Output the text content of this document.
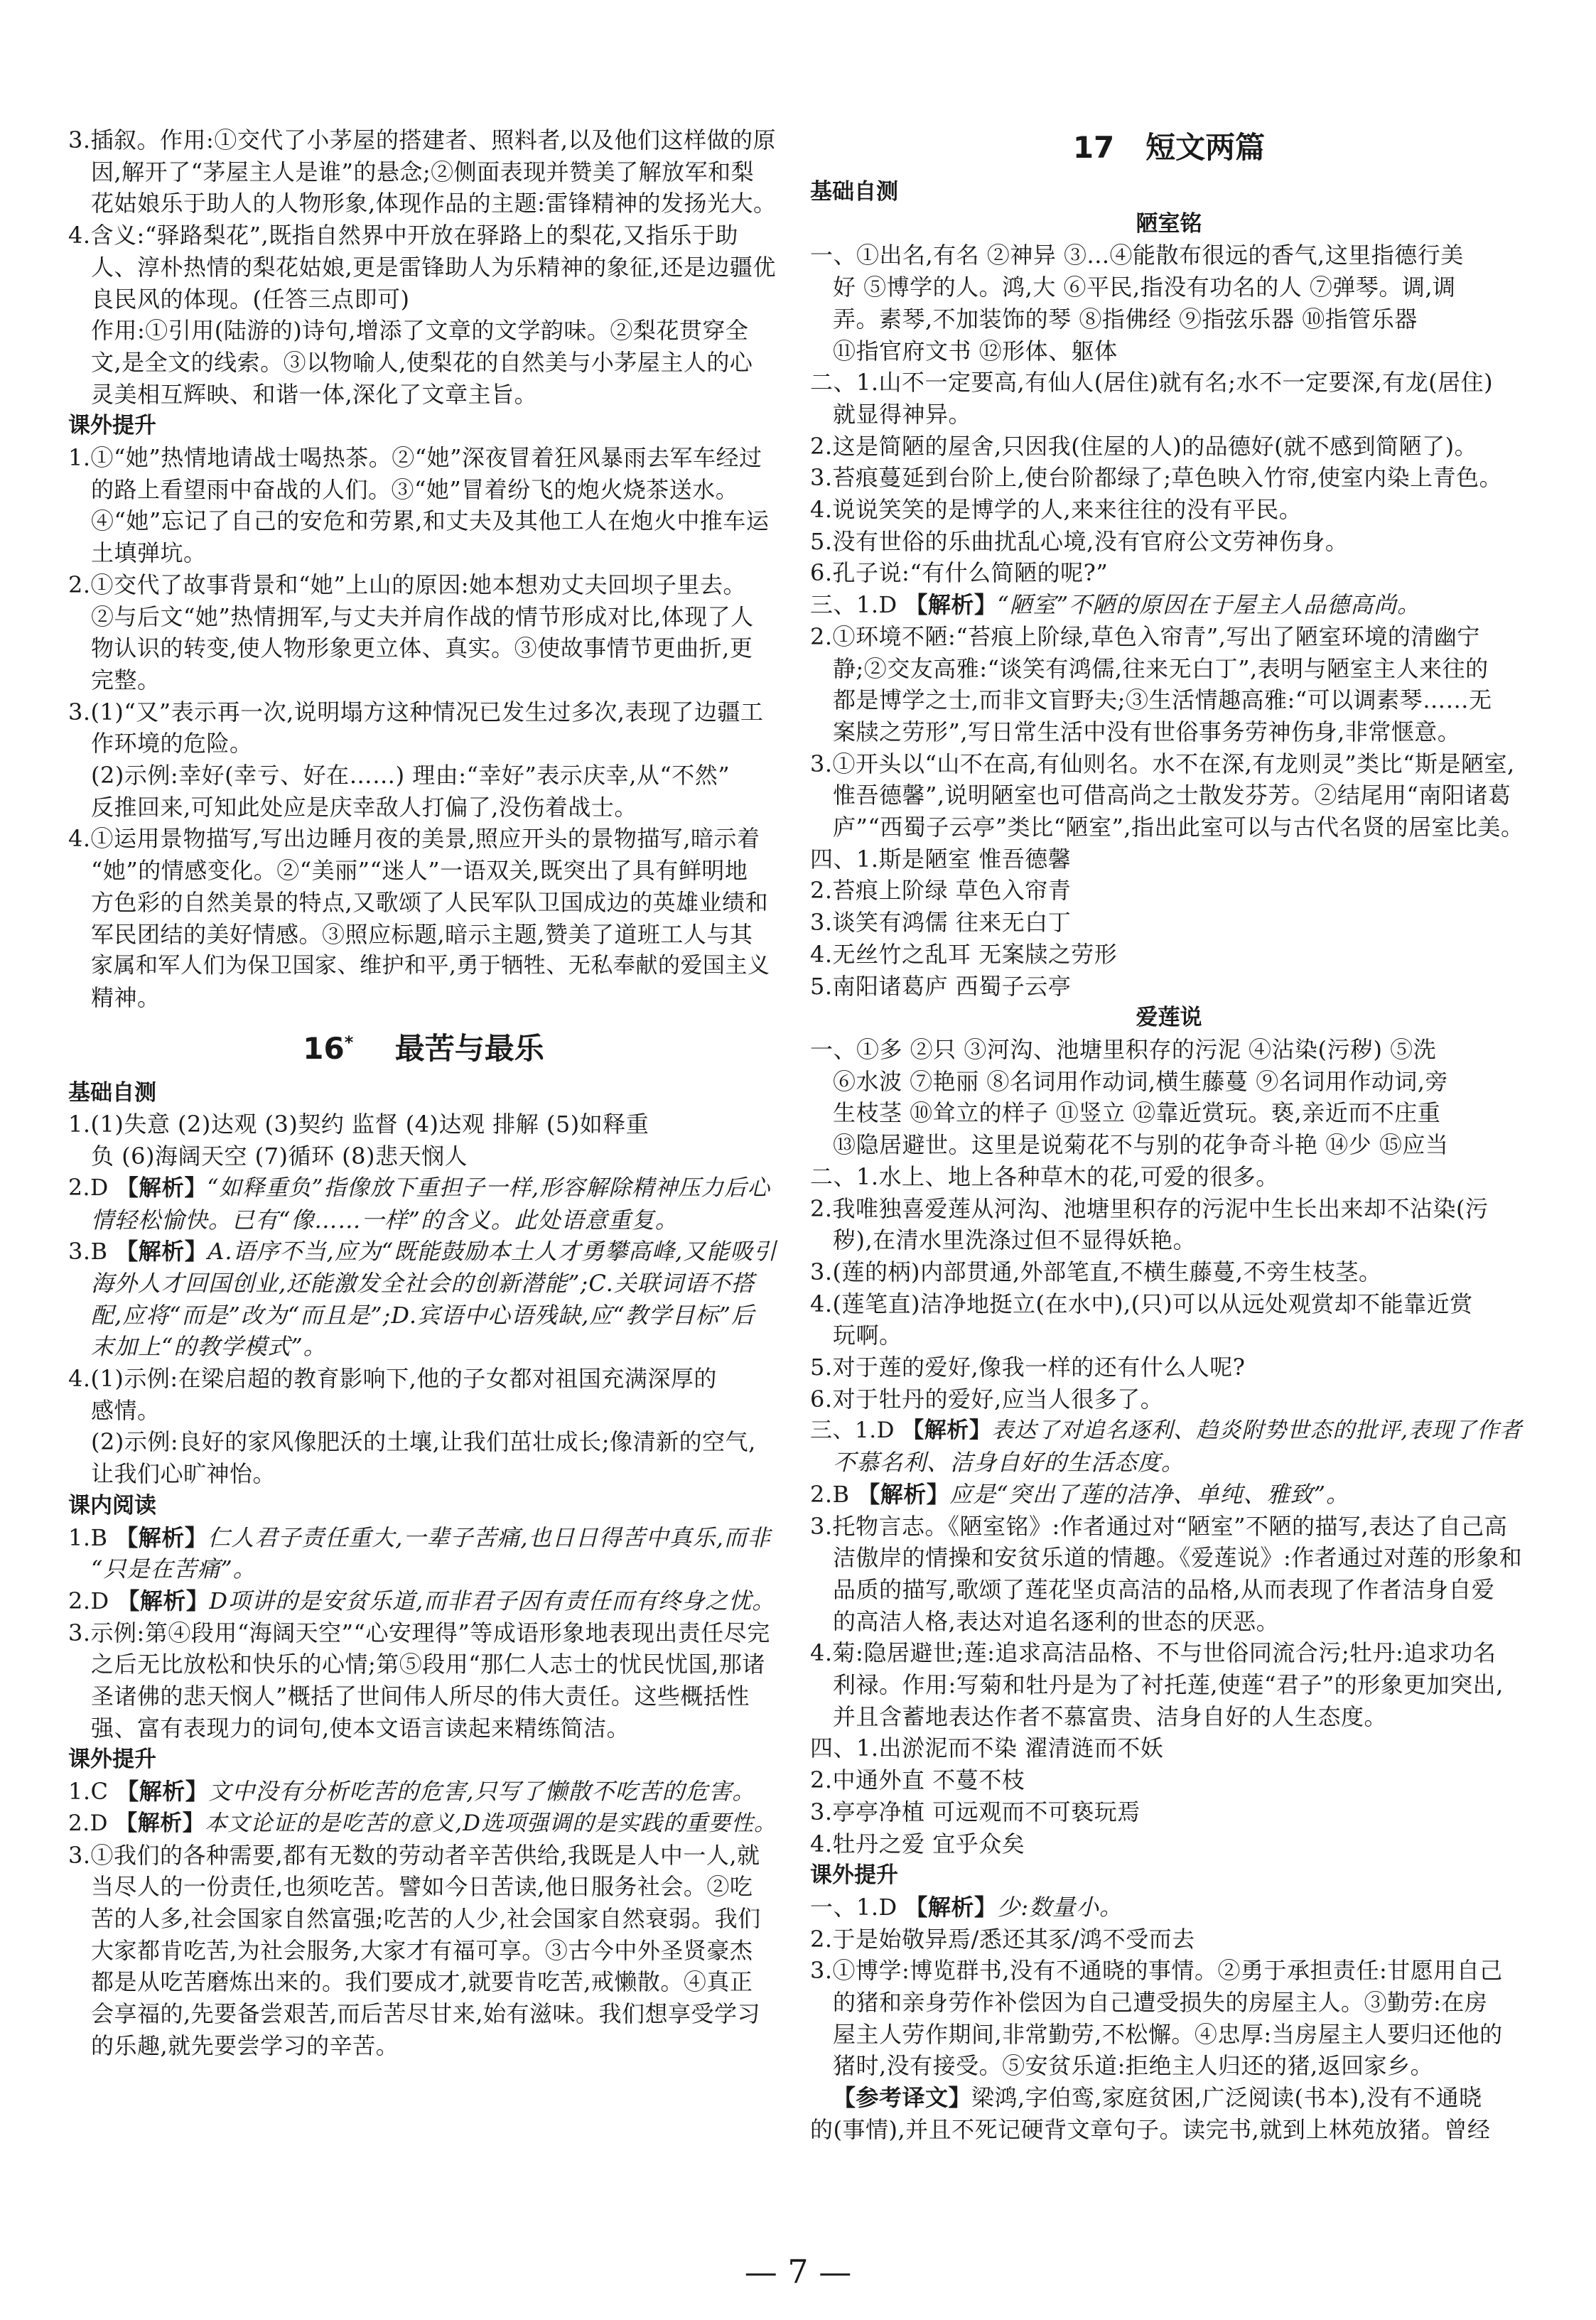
3.插叙。作用:①交代了小茅屋的搭建者、照料者,以及他们这样做的原
因,解开了“茅屋主人是谁”的悬念;②侧面表现并赞美了解放军和梨
花姑娘乐于助人的人物形象,体现作品的主题:雷锋精神的发扬光大。
4.含义:“驿路梨花”,既指自然界中开放在驿路上的梨花,又指乐于助
人、淳朴热情的梨花姑娘,更是雷锋助人为乐精神的象征,还是边疆优
良民风的体现。(任答三点即可)
作用:①引用(陆游的)诗句,增添了文章的文学韵味。②梨花贯穿全
文,是全文的线索。③以物喻人,使梨花的自然美与小茅屋主人的心
灵美相互辉映、和谐一体,深化了文章主旨。
课外提升
1.①“她”热情地请战士喝热茶。②“她”深夜冒着狂风暴雨去军车经过
的路上看望雨中奋战的人们。③“她”冒着纷飞的炮火烧茶送水。
④“她”忘记了自己的安危和劳累,和丈夫及其他工人在炮火中推车运
土填弹坑。
2.①交代了故事背景和“她”上山的原因:她本想劝丈夫回坝子里去。
②与后文“她”热情拥军,与丈夫并肩作战的情节形成对比,体现了人
物认识的转变,使人物形象更立体、真实。③使故事情节更曲折,更
完整。
3.(1)“又”表示再一次,说明塌方这种情况已发生过多次,表现了边疆工
作环境的危险。
(2)示例:幸好(幸亏、好在……) 理由:“幸好”表示庆幸,从“不然”
反推回来,可知此处应是庆幸敌人打偏了,没伤着战士。
4.①运用景物描写,写出边睡月夜的美景,照应开头的景物描写,暗示着
“她”的情感变化。②“美丽”“迷人”一语双关,既突出了具有鲜明地
方色彩的自然美景的特点,又歌颂了人民军队卫国成边的英雄业绩和
军民团结的美好情感。③照应标题,暗示主题,赞美了道班工人与其
家属和军人们为保卫国家、维护和平,勇于牺牲、无私奉献的爱国主义
精神。
16* 最苦与最乐
基础自测
1.(1)失意 (2)达观 (3)契约 监督 (4)达观 排解 (5)如释重
负 (6)海阔天空 (7)循环 (8)悲天悯人
2.D 【解析】“如释重负”指像放下重担子一样,形容解除精神压力后心
情轻松愉快。已有“像……一样”的含义。此处语意重复。
3.B 【解析】A.语序不当,应为“既能鼓励本土人才勇攀高峰,又能吸引
海外人才回国创业,还能激发全社会的创新潜能”;C.关联词语不搭
配,应将“而是”改为“而且是”;D.宾语中心语残缺,应“教学目标”后
末加上“的教学模式”。
4.(1)示例:在梁启超的教育影响下,他的子女都对祖国充满深厚的
感情。
(2)示例:良好的家风像肥沃的土壤,让我们茁壮成长;像清新的空气,
让我们心旷神怡。
课内阅读
1.B 【解析】仁人君子责任重大,一辈子苦痛,也日日得苦中真乐,而非
“只是在苦痛”。
2.D 【解析】D项讲的是安贫乐道,而非君子因有责任而有终身之忧。
3.示例:第④段用“海阔天空”“心安理得”等成语形象地表现出责任尽完
之后无比放松和快乐的心情;第⑤段用“那仁人志士的忧民忧国,那诸
圣诸佛的悲天悯人”概括了世间伟人所尽的伟大责任。这些概括性
强、富有表现力的词句,使本文语言读起来精练简洁。
课外提升
1.C 【解析】文中没有分析吃苦的危害,只写了懒散不吃苦的危害。
2.D 【解析】本文论证的是吃苦的意义,D选项强调的是实践的重要性。
3.①我们的各种需要,都有无数的劳动者辛苦供给,我既是人中一人,就
当尽人的一份责任,也须吃苦。譬如今日苦读,他日服务社会。②吃
苦的人多,社会国家自然富强;吃苦的人少,社会国家自然衰弱。我们
大家都肯吃苦,为社会服务,大家才有福可享。③古今中外圣贤豪杰
都是从吃苦磨炼出来的。我们要成才,就要肯吃苦,戒懒散。④真正
会享福的,先要备尝艰苦,而后苦尽甘来,始有滋味。我们想享受学习
的乐趣,就先要尝学习的辛苦。
17 短文两篇
基础自测
陋室铭
一、①出名,有名 ②神异 ③...④能散布很远的香气,这里指德行美
好 ⑤博学的人。鸿,大 ⑥平民,指没有功名的人 ⑦弹琴。调,调
弄。素琴,不加装饰的琴 ⑧指佛经 ⑨指弦乐器 ⑩指管乐器
⑪指官府文书 ⑫形体、躯体
二、1.山不一定要高,有仙人(居住)就有名;水不一定要深,有龙(居住)
就显得神异。
2.这是简陋的屋舍,只因我(住屋的人)的品德好(就不感到简陋了)。
3.苔痕蔓延到台阶上,使台阶都绿了;草色映入竹帘,使室内染上青色。
4.说说笑笑的是博学的人,来来往往的没有平民。
5.没有世俗的乐曲扰乱心境,没有官府公文劳神伤身。
6.孔子说:“有什么简陋的呢?”
三、1.D 【解析】“陋室”不陋的原因在于屋主人品德高尚。
2.①环境不陋:“苔痕上阶绿,草色入帘青”,写出了陋室环境的清幽宁
静;②交友高雅:“谈笑有鸿儒,往来无白丁”,表明与陋室主人来往的
都是博学之士,而非文盲野夫;③生活情趣高雅:“可以调素琴……无
案牍之劳形”,写日常生活中没有世俗事务劳神伤身,非常惬意。
3.①开头以“山不在高,有仙则名。水不在深,有龙则灵”类比“斯是陋室,
惟吾德馨”,说明陋室也可借高尚之士散发芬芳。②结尾用“南阳诸葛
庐”“西蜀子云亭”类比“陋室”,指出此室可以与古代名贤的居室比美。
四、1.斯是陋室 惟吾德馨
2.苔痕上阶绿 草色入帘青
3.谈笑有鸿儒 往来无白丁
4.无丝竹之乱耳 无案牍之劳形
5.南阳诸葛庐 西蜀子云亭
爱莲说
一、①多 ②只 ③河沟、池塘里积存的污泥 ④沾染(污秽) ⑤洗
⑥水波 ⑦艳丽 ⑧名词用作动词,横生藤蔓 ⑨名词用作动词,旁
生枝茎 ⑩耸立的样子 ⑪竖立 ⑫靠近赏玩。亵,亲近而不庄重
⑬隐居避世。这里是说菊花不与别的花争奇斗艳 ⑭少 ⑮应当
二、1.水上、地上各种草木的花,可爱的很多。
2.我唯独喜爱莲从河沟、池塘里积存的污泥中生长出来却不沾染(污
秽),在清水里洗涤过但不显得妖艳。
3.(莲的柄)内部贯通,外部笔直,不横生藤蔓,不旁生枝茎。
4.(莲笔直)洁净地挺立(在水中),(只)可以从远处观赏却不能靠近赏
玩啊。
5.对于莲的爱好,像我一样的还有什么人呢?
6.对于牡丹的爱好,应当人很多了。
三、1.D 【解析】表达了对追名逐利、趋炎附势世态的批评,表现了作者
不慕名利、洁身自好的生活态度。
2.B 【解析】应是“突出了莲的洁净、单纯、雅致”。
3.托物言志。《陋室铭》:作者通过对“陋室”不陋的描写,表达了自己高
洁傲岸的情操和安贫乐道的情趣。《爱莲说》:作者通过对莲的形象和
品质的描写,歌颂了莲花坚贞高洁的品格,从而表现了作者洁身自爱
的高洁人格,表达对追名逐利的世态的厌恶。
4.菊:隐居避世;莲:追求高洁品格、不与世俗同流合污;牡丹:追求功名
利禄。作用:写菊和牡丹是为了衬托莲,使莲“君子”的形象更加突出,
并且含蓄地表达作者不慕富贵、洁身自好的人生态度。
四、1.出淤泥而不染 濯清涟而不妖
2.中通外直 不蔓不枝
3.亭亭净植 可远观而不可亵玩焉
4.牡丹之爱 宜乎众矣
课外提升
一、1.D 【解析】少:数量小。
2.于是始敬异焉/悉还其豕/鸿不受而去
3.①博学:博览群书,没有不通晓的事情。②勇于承担责任:甘愿用自己
的猪和亲身劳作补偿因为自己遭受损失的房屋主人。③勤劳:在房
屋主人劳作期间,非常勤劳,不松懈。④忠厚:当房屋主人要归还他的
猪时,没有接受。⑤安贫乐道:拒绝主人归还的猪,返回家乡。
【参考译文】梁鸿,字伯鸾,家庭贫困,广泛阅读(书本),没有不通晓
的(事情),并且不死记硬背文章句子。读完书,就到上林苑放猪。曾经
— 7 —
